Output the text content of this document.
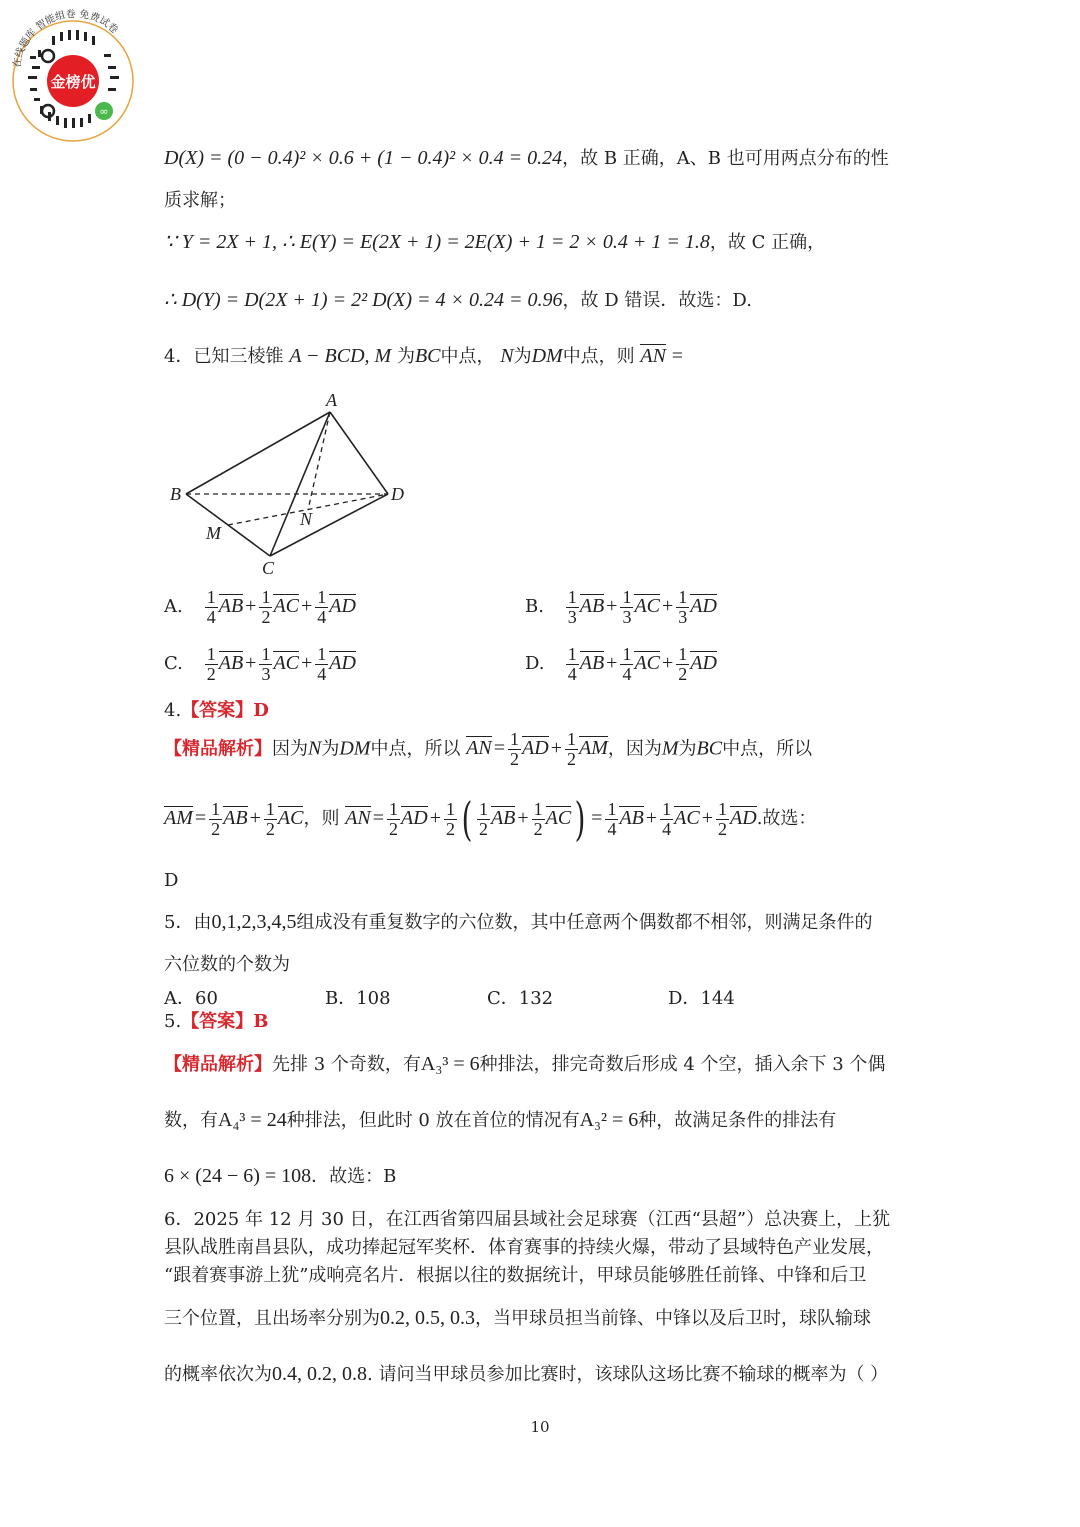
∞
金榜优
在线题库 智能组卷 免费试卷
D(X) = (0 − 0.4)² × 0.6 + (1 − 0.4)² × 0.4 = 0.24，故 B 正确，A、B 也可用两点分布的性
质求解；
∵ Y = 2X + 1, ∴ E(Y) = E(2X + 1) = 2E(X) + 1 = 2 × 0.4 + 1 = 1.8，故 C 正确，
∴ D(Y) = D(2X + 1) = 2² D(X) = 4 × 0.24 = 0.96，故 D 错误．故选：D.
4．已知三棱锥 A − BCD, M 为BC中点， N为DM中点，则 AN =
A
B
C
D
M
N
A. $\frac{1}{4}$ AB + $\frac{1}{2}$ AC + $\frac{1}{4}$ AD	B. $\frac{1}{3}$ AB + $\frac{1}{3}$ AC + $\frac{1}{3}$ AD
C. $\frac{1}{2}$ AB + $\frac{1}{3}$ AC + $\frac{1}{4}$ AD	D. $\frac{1}{4}$ AB + $\frac{1}{4}$ AC + $\frac{1}{2}$ AD
4.【答案】D
【精品解析】因为N为DM中点，所以 AN = $\frac{1}{2}$ AD + $\frac{1}{2}$ AM，因为M为BC中点，所以
AM = $\frac{1}{2}$ AB + $\frac{1}{2}$ AC，则 AN = $\frac{1}{2}$ AD + $\frac{1}{2}$ ( $\frac{1}{2}$ AB + $\frac{1}{2} AC) = \frac{1}{4}$ AB + $\frac{1}{4}$ AC + $\frac{1}{2}$ AD.故选：
D
5．由0,1,2,3,4,5组成没有重复数字的六位数，其中任意两个偶数都不相邻，则满足条件的
六位数的个数为
A．60	B．108	C．132	D．144
5.【答案】B
【精品解析】先排 3 个奇数，有A₃³ = 6种排法，排完奇数后形成 4 个空，插入余下 3 个偶
数，有A₄³ = 24种排法，但此时 0 放在首位的情况有A₃² = 6种，故满足条件的排法有
6 × (24 − 6) = 108．故选：B
6．2025 年 12 月 30 日，在江西省第四届县域社会足球赛（江西“县超”）总决赛上，上犹
县队战胜南昌县队，成功捧起冠军奖杯．体育赛事的持续火爆，带动了县域特色产业发展，
“跟着赛事游上犹”成响亮名片．根据以往的数据统计，甲球员能够胜任前锋、中锋和后卫
三个位置，且出场率分别为0.2, 0.5, 0.3，当甲球员担当前锋、中锋以及后卫时，球队输球
的概率依次为0.4, 0.2, 0.8. 请问当甲球员参加比赛时，该球队这场比赛不输球的概率为（ ）
10
